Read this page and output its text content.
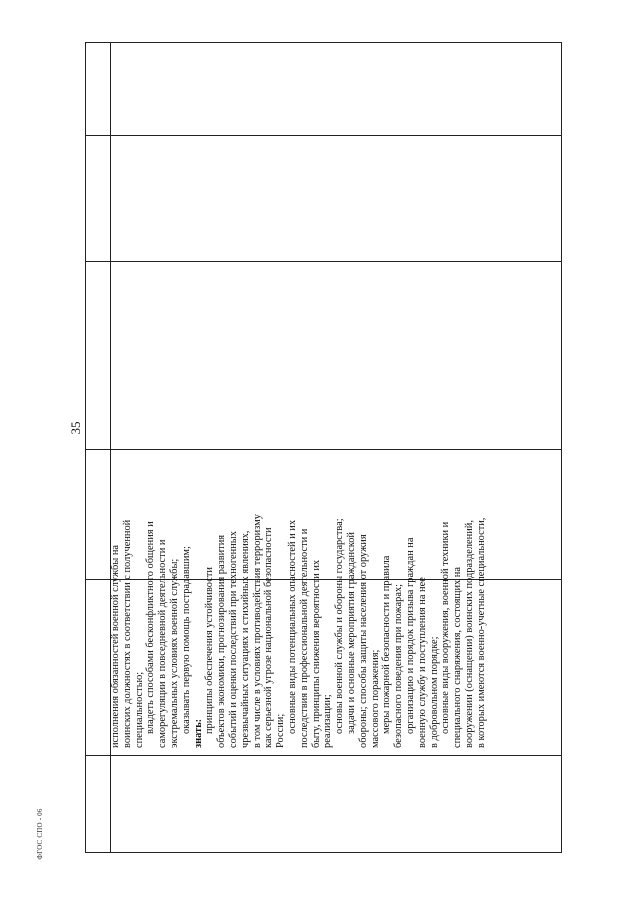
35

исполнения обязанностей военной службы на воинских должностях в соответствии с полученной специальностью; владеть способами бесконфликтного общения и саморегуляции в повседневной деятельности и экстремальных условиях военной службы; оказывать первую помощь пострадавшим; знать: принципы обеспечения устойчивости объектов экономики, прогнозирования развития событий и оценки последствий при техногенных чрезвычайных ситуациях и стихийных явлениях, в том числе в условиях противодействия терроризму как серьезной угрозе национальной безопасности России; основные виды потенциальных опасностей и их последствия в профессиональной деятельности и быту, принципы снижения вероятности их реализации; основы военной службы и обороны государства; задачи и основные мероприятия гражданской обороны; способы защиты населения от оружия массового поражения; меры пожарной безопасности и правила безопасного поведения при пожарах; организацию и порядок призыва граждан на военную службу и поступления на нее в добровольном порядке; основные виды вооружения, военной техники и специального снаряжения, состоящих на вооружении (оснащении) воинских подразделений, в которых имеются военно-учетные специальности,

ФГОС СПО - 06
